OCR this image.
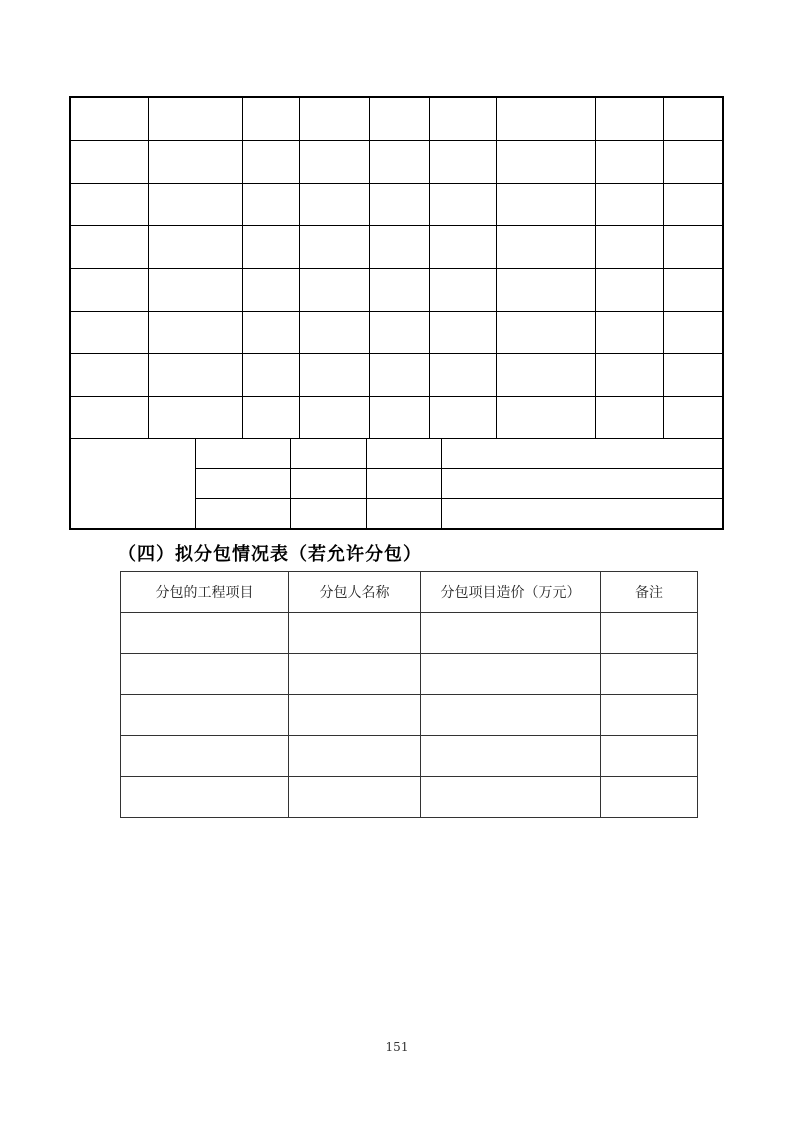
（四）拟分包情况表（若允许分包）
分包的工程项目	分包人名称	分包项目造价（万元）	备注

151
